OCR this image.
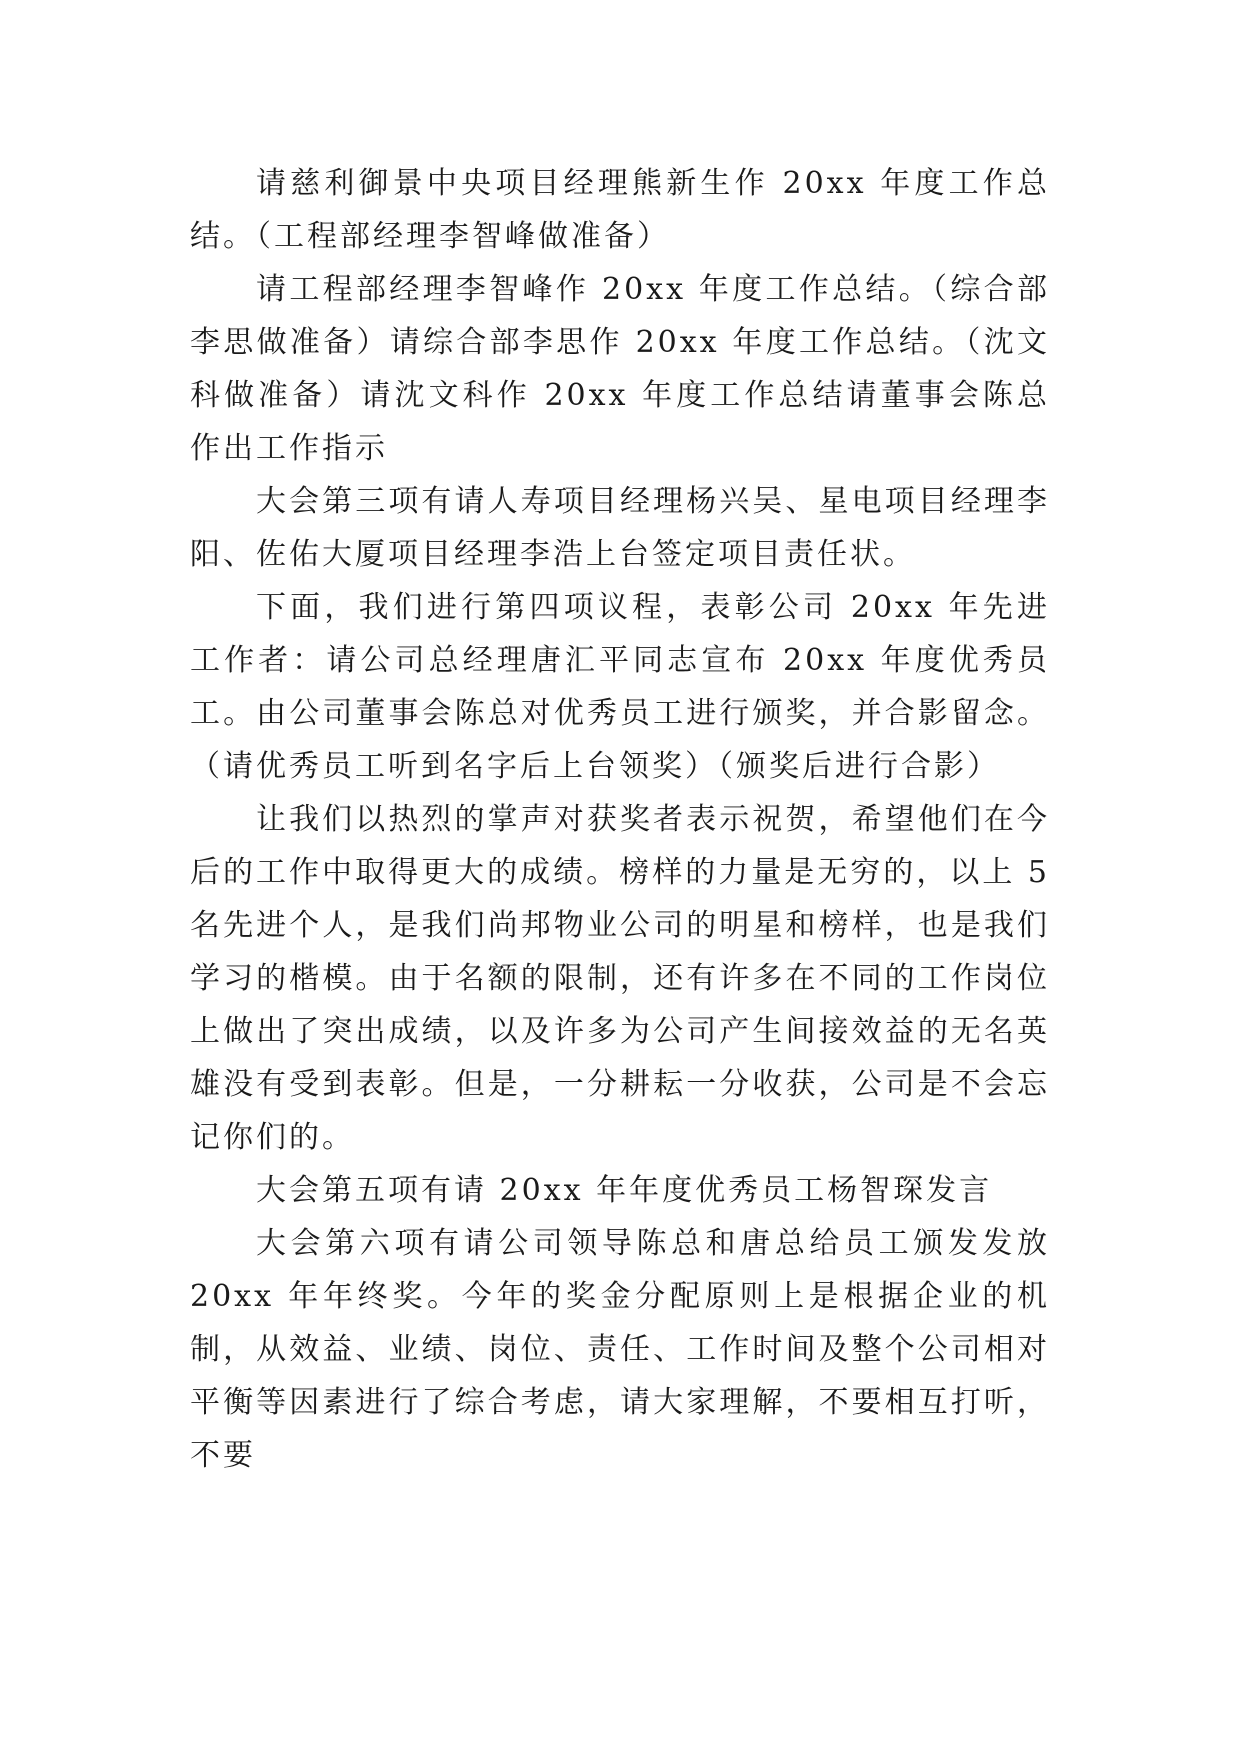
请慈利御景中央项目经理熊新生作 20xx 年度工作总结。（工程部经理李智峰做准备）

请工程部经理李智峰作 20xx 年度工作总结。（综合部李思做准备）请综合部李思作 20xx 年度工作总结。（沈文科做准备）请沈文科作 20xx 年度工作总结请董事会陈总作出工作指示

大会第三项有请人寿项目经理杨兴吴、星电项目经理李阳、佐佑大厦项目经理李浩上台签定项目责任状。

下面，我们进行第四项议程，表彰公司 20xx 年先进工作者：请公司总经理唐汇平同志宣布 20xx 年度优秀员工。由公司董事会陈总对优秀员工进行颁奖，并合影留念。（请优秀员工听到名字后上台领奖）（颁奖后进行合影）

让我们以热烈的掌声对获奖者表示祝贺，希望他们在今后的工作中取得更大的成绩。榜样的力量是无穷的，以上 5 名先进个人，是我们尚邦物业公司的明星和榜样，也是我们学习的楷模。由于名额的限制，还有许多在不同的工作岗位上做出了突出成绩，以及许多为公司产生间接效益的无名英雄没有受到表彰。但是，一分耕耘一分收获，公司是不会忘记你们的。

大会第五项有请 20xx 年年度优秀员工杨智琛发言

大会第六项有请公司领导陈总和唐总给员工颁发发放 20xx 年年终奖。今年的奖金分配原则上是根据企业的机制，从效益、业绩、岗位、责任、工作时间及整个公司相对平衡等因素进行了综合考虑，请大家理解，不要相互打听，不要
